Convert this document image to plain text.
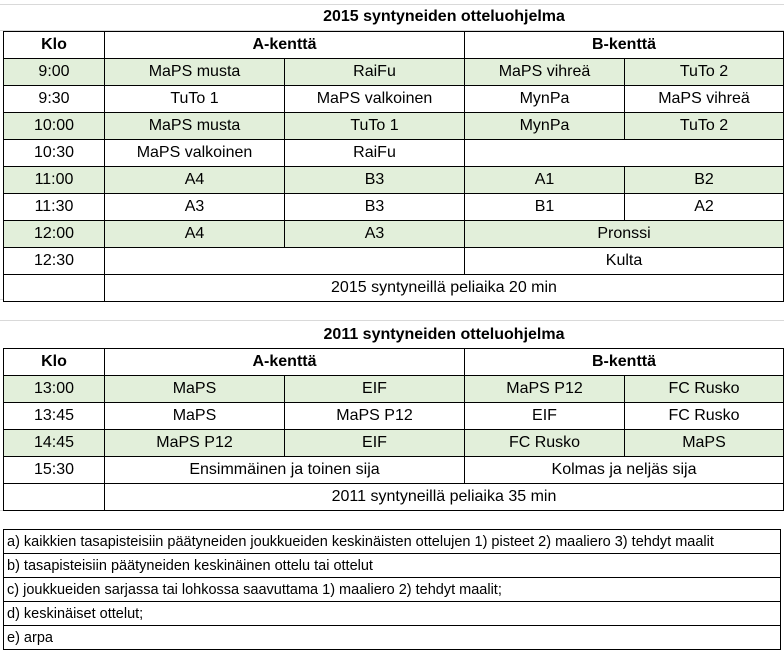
2015 syntyneiden otteluohjelma
Klo	A-kenttä		B-kenttä	
9:00	MaPS musta	RaiFu	MaPS vihreä	TuTo 2
9:30	TuTo 1	MaPS valkoinen	MynPa	MaPS vihreä
10:00	MaPS musta	TuTo 1	MynPa	TuTo 2
10:30	MaPS valkoinen	RaiFu		
11:00	A4	B3	A1	B2
11:30	A3	B3	B1	A2
12:00	A4	A3	Pronssi	
12:30			Kulta	
	2015 syntyneillä peliaika 20 min			
2011 syntyneiden otteluohjelma
Klo	A-kenttä		B-kenttä	
13:00	MaPS	EIF	MaPS P12	FC Rusko
13:45	MaPS	MaPS P12	EIF	FC Rusko
14:45	MaPS P12	EIF	FC Rusko	MaPS
15:30	Ensimmäinen ja toinen sija		Kolmas ja neljäs sija	
	2011 syntyneillä peliaika 35 min			
a) kaikkien tasapisteisiin päätyneiden joukkueiden keskinäisten ottelujen 1) pisteet 2) maaliero 3) tehdyt maalit
b) tasapisteisiin päätyneiden keskinäinen ottelu tai ottelut
c) joukkueiden sarjassa tai lohkossa saavuttama 1) maaliero 2) tehdyt maalit;
d) keskinäiset ottelut;
e) arpa
